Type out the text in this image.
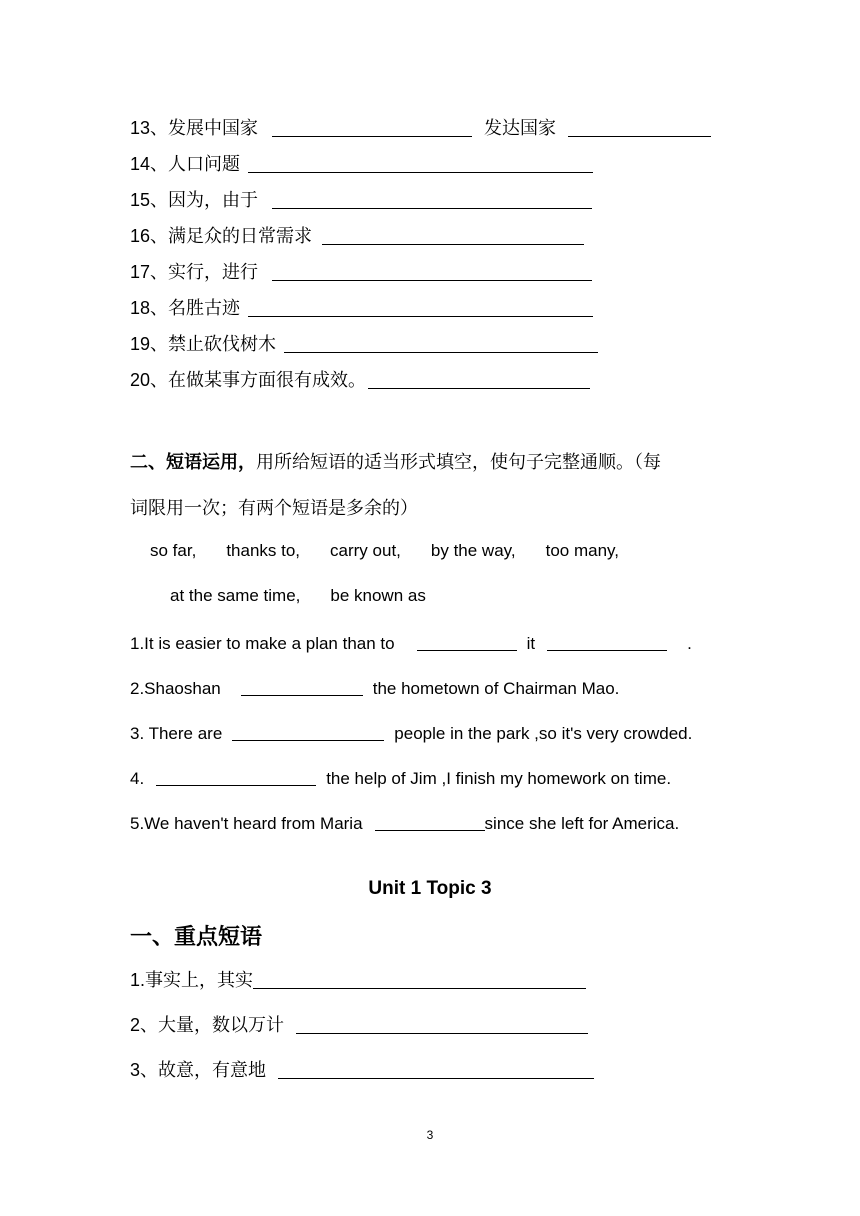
13、发展中国家	发达国家
14、人口问题
15、因为，由于
16、满足众的日常需求
17、实行，进行
18、名胜古迹
19、禁止砍伐树木
20、在做某事方面很有成效。
二、短语运用，用所给短语的适当形式填空，使句子完整通顺。（每
词限用一次；有两个短语是多余的）
so far, thanks to, carry out, by the way, too many,
at the same time, be known as
1.It is easier to make a plan than to	it	.
2.Shaoshan	the hometown of Chairman Mao.
3. There are	people in the park ,so it's very crowded.
4.	the help of Jim ,I finish my homework on time.
5.We haven't heard from Maria	since she left for America.
Unit 1 Topic 3
一、重点短语
1.事实上，其实
2、大量，数以万计
3、故意，有意地
3
